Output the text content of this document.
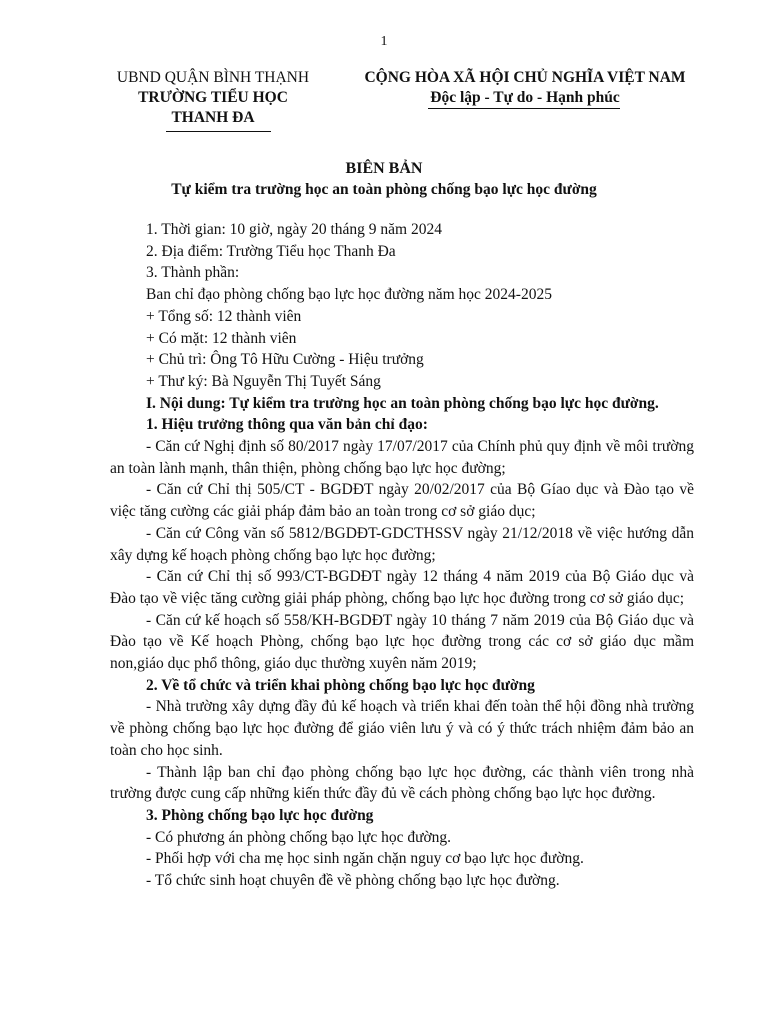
1
UBND QUẬN BÌNH THẠNH
TRƯỜNG TIỂU HỌC
THANH ĐA
CỘNG HÒA XÃ HỘI CHỦ NGHĨA VIỆT NAM
Độc lập - Tự do - Hạnh phúc
BIÊN BẢN
Tự kiểm tra trường học an toàn phòng chống bạo lực học đường

1. Thời gian: 10 giờ, ngày 20 tháng 9 năm 2024

2. Địa điểm: Trường Tiểu học Thanh Đa

3. Thành phần:

Ban chỉ đạo phòng chống bạo lực học đường năm học 2024-2025

+ Tổng số: 12 thành viên

+ Có mặt: 12 thành viên

+ Chủ trì: Ông Tô Hữu Cường - Hiệu trưởng

+ Thư ký: Bà Nguyễn Thị Tuyết Sáng

I. Nội dung: Tự kiểm tra trường học an toàn phòng chống bạo lực học đường.

1. Hiệu trưởng thông qua văn bản chỉ đạo:

- Căn cứ Nghị định số 80/2017 ngày 17/07/2017 của Chính phủ quy định về môi trường an toàn lành mạnh, thân thiện, phòng chống bạo lực học đường;

- Căn cứ Chỉ thị 505/CT - BGDĐT ngày 20/02/2017 của Bộ Gíao dục và Đào tạo về việc tăng cường các giải pháp đảm bảo an toàn trong cơ sở giáo dục;

- Căn cứ Công văn số 5812/BGDĐT-GDCTHSSV ngày 21/12/2018 về việc hướng dẫn xây dựng kế hoạch phòng chống bạo lực học đường;

- Căn cứ Chỉ thị số 993/CT-BGDĐT ngày 12 tháng 4 năm 2019 của Bộ Giáo dục và Đào tạo về việc tăng cường giải pháp phòng, chống bạo lực học đường trong cơ sở giáo dục;

- Căn cứ kế hoạch số 558/KH-BGDĐT ngày 10 tháng 7 năm 2019 của Bộ Giáo dục và Đào tạo về Kế hoạch Phòng, chống bạo lực học đường trong các cơ sở giáo dục mầm non,giáo dục phổ thông, giáo dục thường xuyên năm 2019;

2. Về tổ chức và triển khai phòng chống bạo lực học đường

- Nhà trường xây dựng đầy đủ kế hoạch và triển khai đến toàn thể hội đồng nhà trường về phòng chống bạo lực học đường để giáo viên lưu ý và có ý thức trách nhiệm đảm bảo an toàn cho học sinh.

- Thành lập ban chỉ đạo phòng chống bạo lực học đường, các thành viên trong nhà trường được cung cấp những kiến thức đầy đủ về cách phòng chống bạo lực học đường.

3. Phòng chống bạo lực học đường

- Có phương án phòng chống bạo lực học đường.

- Phối hợp với cha mẹ học sinh ngăn chặn nguy cơ bạo lực học đường.

- Tổ chức sinh hoạt chuyên đề về phòng chống bạo lực học đường.
